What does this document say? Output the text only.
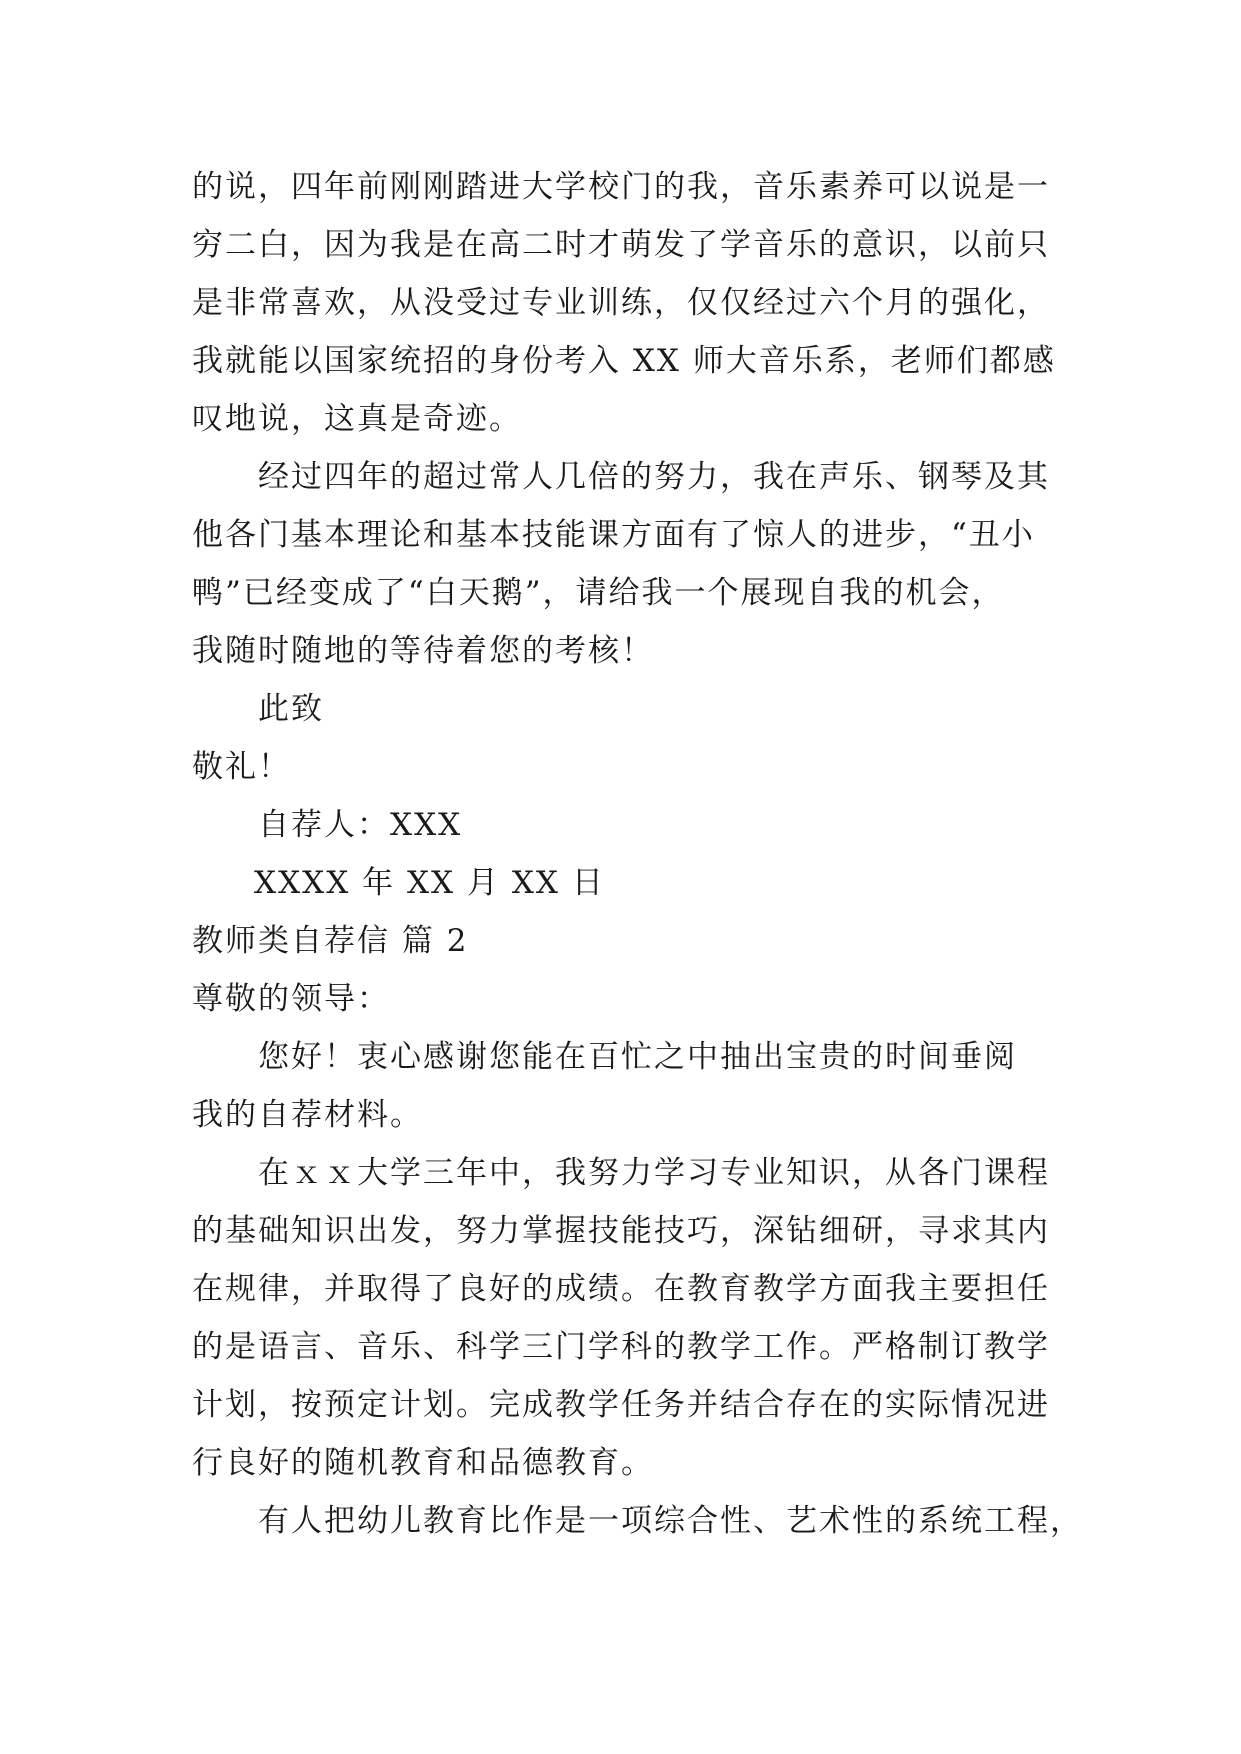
的说，四年前刚刚踏进大学校门的我，音乐素养可以说是一
穷二白，因为我是在高二时才萌发了学音乐的意识，以前只
是非常喜欢，从没受过专业训练，仅仅经过六个月的强化，
我就能以国家统招的身份考入 XX 师大音乐系，老师们都感
叹地说，这真是奇迹。
经过四年的超过常人几倍的努力，我在声乐、钢琴及其
他各门基本理论和基本技能课方面有了惊人的进步，“丑小
鸭”已经变成了“白天鹅”，请给我一个展现自我的机会，
我随时随地的等待着您的考核！
此致
敬礼！
自荐人：XXX
XXXX 年 XX 月 XX 日
教师类自荐信 篇 2
尊敬的领导：
您好！衷心感谢您能在百忙之中抽出宝贵的时间垂阅
我的自荐材料。
在ｘｘ大学三年中，我努力学习专业知识，从各门课程
的基础知识出发，努力掌握技能技巧，深钻细研，寻求其内
在规律，并取得了良好的成绩。在教育教学方面我主要担任
的是语言、音乐、科学三门学科的教学工作。严格制订教学
计划，按预定计划。完成教学任务并结合存在的实际情况进
行良好的随机教育和品德教育。
有人把幼儿教育比作是一项综合性、艺术性的系统工程，
